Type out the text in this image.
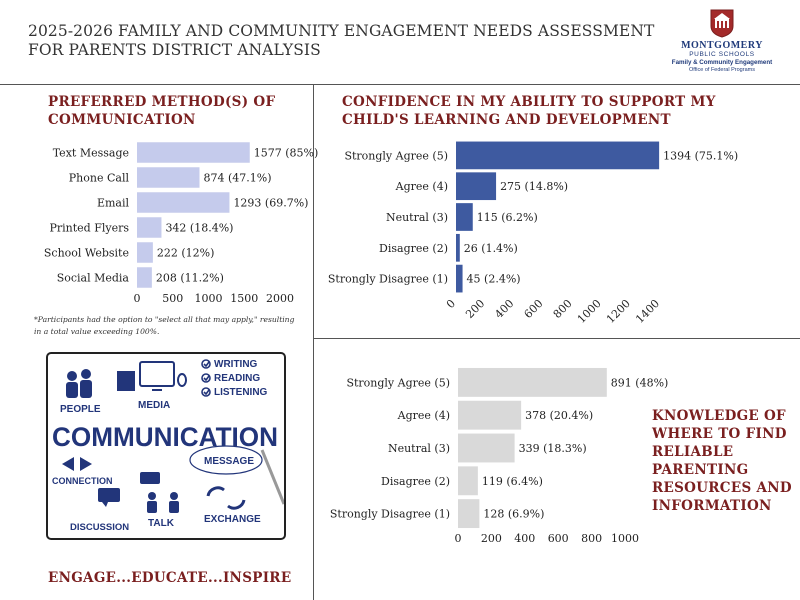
2025-2026 FAMILY AND COMMUNITY ENGAGEMENT NEEDS ASSESSMENT FOR PARENTS DISTRICT ANALYSIS	MONTGOMERY
PUBLIC SCHOOLS
Family & Community Engagement
Office of Federal Programs
PREFERRED METHOD(S) OF COMMUNICATION
CONFIDENCE IN MY ABILITY TO SUPPORT MY CHILD'S LEARNING AND DEVELOPMENT
KNOWLEDGE OF WHERE TO FIND RELIABLE PARENTING RESOURCES AND INFORMATION
Text Message	1577 (85%)
Phone Call	874 (47.1%)
Email	1293 (69.7%)
Printed Flyers	342 (18.4%)
School Website	222 (12%)
Social Media 208 (11.2%)
0 500 1000 1500 2000
Strongly Agree (5)	1394 (75.1%)
Agree (4)	275 (14.8%)
Neutral (3)	115 (6.2%)
Disagree (2) 26 (1.4%)
Strongly Disagree (1) 45 (2.4%)
0 200 400 600 800 1000 1200 1400
Strongly Agree (5)	891 (48%)
Agree (4)	378 (20.4%)
Neutral (3)	339 (18.3%)
Disagree (2)	119 (6.4%)
Strongly Disagree (1)	128 (6.9%)
0 200 400 600 800 1000
*Participants had the option to "select all that may apply," resulting in a total value exceeding 100%.
PEOPLE	MEDIA
WRITING
READING
LISTENING
COMMUNICATION
CONNECTION
MESSAGE
DISCUSSION TALK	EXCHANGE
ENGAGE...EDUCATE...INSPIRE
